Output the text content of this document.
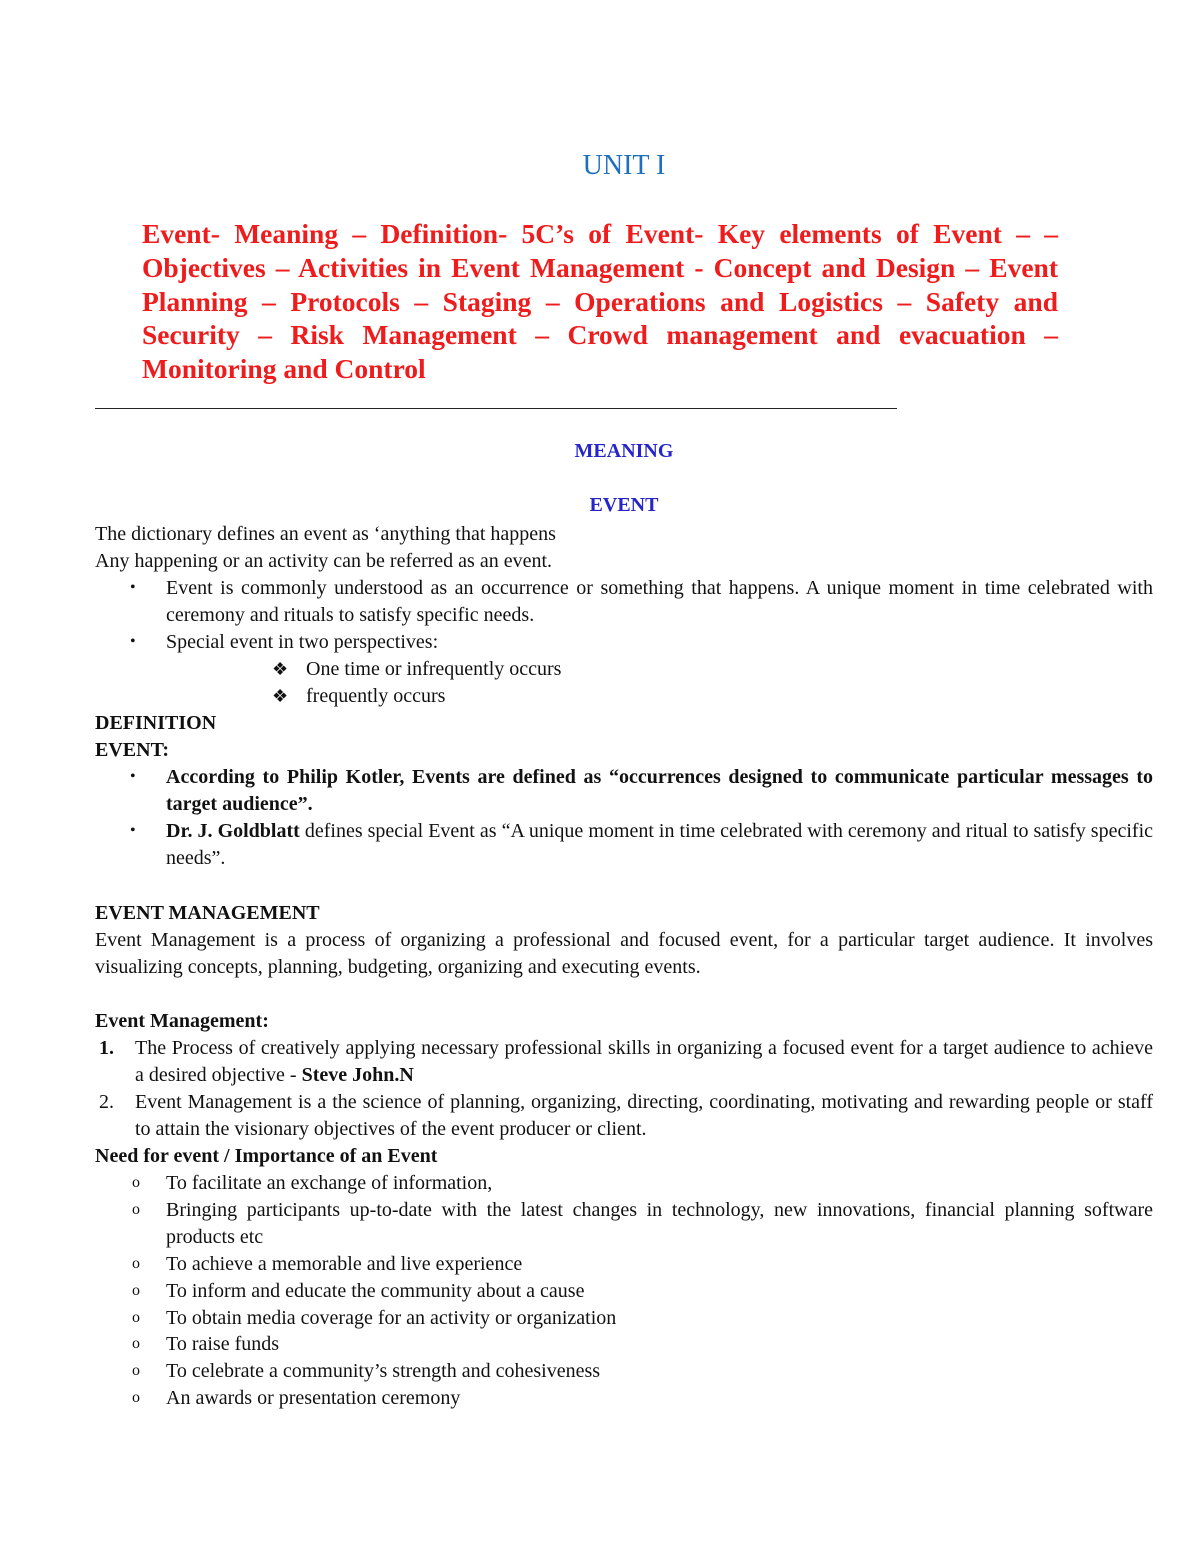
UNIT I

Event- Meaning – Definition- 5C’s of Event- Key elements of Event – – Objectives – Activities in Event Management - Concept and Design – Event Planning – Protocols – Staging – Operations and Logistics – Safety and Security – Risk Management – Crowd management and evacuation – Monitoring and Control

MEANING
EVENT

The dictionary defines an event as ‘anything that happens

Any happening or an activity can be referred as an event.

• Event is commonly understood as an occurrence or something that happens. A unique moment in time celebrated with ceremony and rituals to satisfy specific needs.
• Special event in two perspectives:
❖ One time or infrequently occurs
❖ frequently occurs

DEFINITION

EVENT:

• According to Philip Kotler, Events are defined as “occurrences designed to communicate particular messages to target audience”.
• Dr. J. Goldblatt defines special Event as “A unique moment in time celebrated with ceremony and ritual to satisfy specific needs”.

EVENT MANAGEMENT

Event Management is a process of organizing a professional and focused event, for a particular target audience. It involves visualizing concepts, planning, budgeting, organizing and executing events.

Event Management:

1. The Process of creatively applying necessary professional skills in organizing a focused event for a target audience to achieve a desired objective - Steve John.N
2. Event Management is a the science of planning, organizing, directing, coordinating, motivating and rewarding people or staff to attain the visionary objectives of the event producer or client.

Need for event / Importance of an Event

o To facilitate an exchange of information,
o Bringing participants up-to-date with the latest changes in technology, new innovations, financial planning software products etc
o To achieve a memorable and live experience
o To inform and educate the community about a cause
o To obtain media coverage for an activity or organization
o To raise funds
o To celebrate a community’s strength and cohesiveness
o An awards or presentation ceremony
